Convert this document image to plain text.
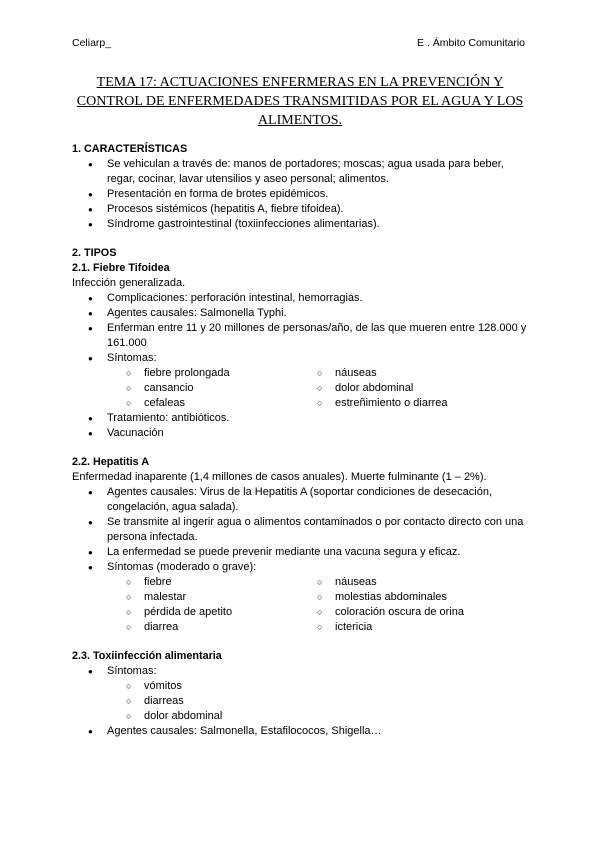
Celiarp_	E . Ámbito Comunitario
TEMA 17: ACTUACIONES ENFERMERAS EN LA PREVENCIÓN Y CONTROL DE ENFERMEDADES TRANSMITIDAS POR EL AGUA Y LOS ALIMENTOS.

1. CARACTERÍSTICAS

● Se vehiculan a través de: manos de portadores; moscas; agua usada para beber, regar, cocinar, lavar utensilios y aseo personal; alimentos.
● Presentación en forma de brotes epidémicos.
● Procesos sistémicos (hepatitis A, fiebre tifoidea).
● Síndrome gastrointestinal (toxiinfecciones alimentarias).

2. TIPOS

2.1. Fiebre Tifoidea

Infección generalizada.

● Complicaciones: perforación intestinal, hemorragias.
● Agentes causales: Salmonella Typhi.
● Enferman entre 11 y 20 millones de personas/año, de las que mueren entre 128.000 y 161.000
● Síntomas:
○ fiebre prolongada
○ cansancio
○ cefaleas
○ náuseas
○ dolor abdominal
○ estreñimiento o diarrea
● Tratamiento: antibióticos.
● Vacunación

2.2. Hepatitis A

Enfermedad inaparente (1,4 millones de casos anuales). Muerte fulminante (1 – 2%).

● Agentes causales: Virus de la Hepatitis A (soportar condiciones de desecación, congelación, agua salada).
● Se transmite al ingerir agua o alimentos contaminados o por contacto directo con una persona infectada.
● La enfermedad se puede prevenir mediante una vacuna segura y eficaz.
● Síntomas (moderado o grave):
○ fiebre
○ malestar
○ pérdida de apetito
○ diarrea
○ náuseas
○ molestias abdominales
○ coloración oscura de orina
○ ictericia

2.3. Toxiinfección alimentaria

● Síntomas:
○ vómitos
○ diarreas
○ dolor abdominal
● Agentes causales: Salmonella, Estafilococos, Shigella…
